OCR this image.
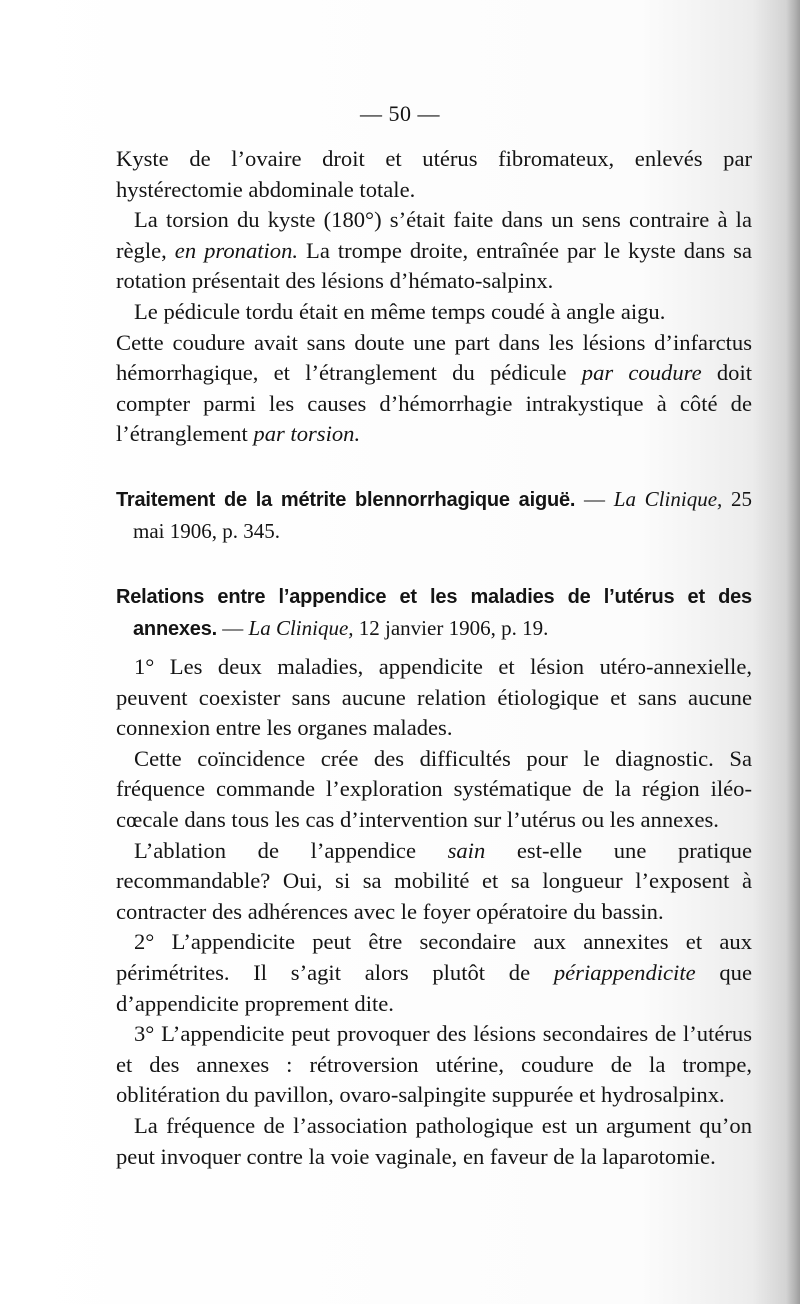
— 50 —

Kyste de l’ovaire droit et utérus fibromateux, enlevés par hystérectomie abdominale totale.

La torsion du kyste (180°) s’était faite dans un sens contraire à la règle, en pronation. La trompe droite, entraînée par le kyste dans sa rotation présentait des lésions d’hémato-salpinx.

Le pédicule tordu était en même temps coudé à angle aigu.

Cette coudure avait sans doute une part dans les lésions d’infarctus hémorrhagique, et l’étranglement du pédicule par coudure doit compter parmi les causes d’hémorrhagie intrakystique à côté de l’étranglement par torsion.

Traitement de la métrite blennorrhagique aiguë. — La Clinique, 25 mai 1906, p. 345.

Relations entre l’appendice et les maladies de l’utérus et des annexes. — La Clinique, 12 janvier 1906, p. 19.

1° Les deux maladies, appendicite et lésion utéro-annexielle, peuvent coexister sans aucune relation étiologique et sans aucune connexion entre les organes malades.

Cette coïncidence crée des difficultés pour le diagnostic. Sa fréquence commande l’exploration systématique de la région iléo-cœcale dans tous les cas d’intervention sur l’utérus ou les annexes.

L’ablation de l’appendice sain est-elle une pratique recommandable? Oui, si sa mobilité et sa longueur l’exposent à contracter des adhérences avec le foyer opératoire du bassin.

2° L’appendicite peut être secondaire aux annexites et aux périmétrites. Il s’agit alors plutôt de périappendicite que d’appendicite proprement dite.

3° L’appendicite peut provoquer des lésions secondaires de l’utérus et des annexes : rétroversion utérine, coudure de la trompe, oblitération du pavillon, ovaro-salpingite suppurée et hydrosalpinx.

La fréquence de l’association pathologique est un argument qu’on peut invoquer contre la voie vaginale, en faveur de la laparotomie.
